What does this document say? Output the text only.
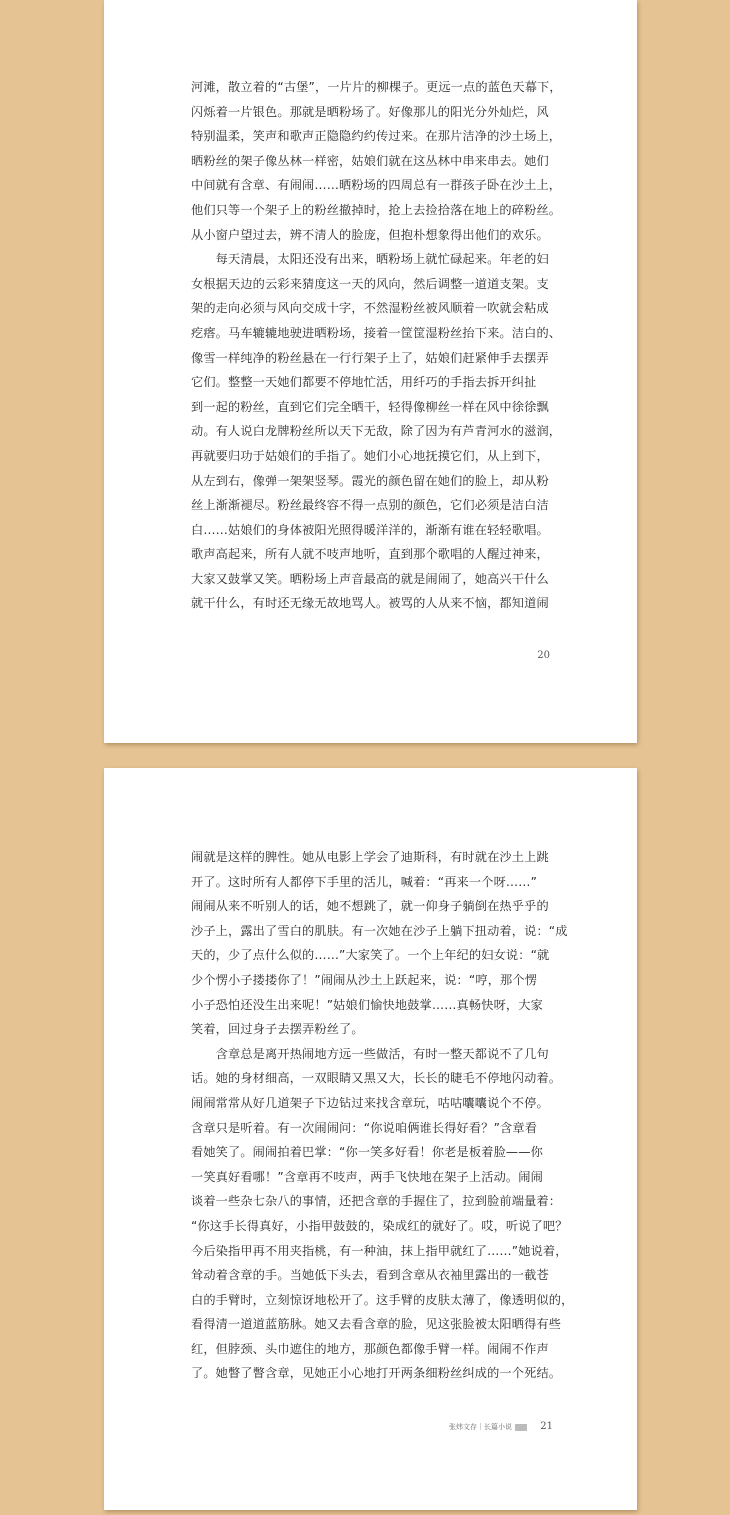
河滩，散立着的“古堡”，一片片的柳棵子。更远一点的蓝色天幕下，
闪烁着一片银色。那就是晒粉场了。好像那儿的阳光分外灿烂，风
特别温柔，笑声和歌声正隐隐约约传过来。在那片洁净的沙土场上，
晒粉丝的架子像丛林一样密，姑娘们就在这丛林中串来串去。她们
中间就有含章、有闹闹……晒粉场的四周总有一群孩子卧在沙土上，
他们只等一个架子上的粉丝撤掉时，抢上去捡拾落在地上的碎粉丝。
从小窗户望过去，辨不清人的脸庞，但抱朴想象得出他们的欢乐。
　　每天清晨，太阳还没有出来，晒粉场上就忙碌起来。年老的妇
女根据天边的云彩来猜度这一天的风向，然后调整一道道支架。支
架的走向必须与风向交成十字，不然湿粉丝被风顺着一吹就会粘成
疙瘩。马车辘辘地驶进晒粉场，接着一筐筐湿粉丝抬下来。洁白的、
像雪一样纯净的粉丝悬在一行行架子上了，姑娘们赶紧伸手去摆弄
它们。整整一天她们都要不停地忙活，用纤巧的手指去拆开纠扯
到一起的粉丝，直到它们完全晒干，轻得像柳丝一样在风中徐徐飘
动。有人说白龙牌粉丝所以天下无敌，除了因为有芦青河水的滋润，
再就要归功于姑娘们的手指了。她们小心地抚摸它们，从上到下，
从左到右，像弹一架架竖琴。霞光的颜色留在她们的脸上，却从粉
丝上渐渐褪尽。粉丝最终容不得一点别的颜色，它们必须是洁白洁
白……姑娘们的身体被阳光照得暖洋洋的，渐渐有谁在轻轻歌唱。
歌声高起来，所有人就不吱声地听，直到那个歌唱的人醒过神来，
大家又鼓掌又笑。晒粉场上声音最高的就是闹闹了，她高兴干什么
就干什么，有时还无缘无故地骂人。被骂的人从来不恼，都知道闹
20
闹就是这样的脾性。她从电影上学会了迪斯科，有时就在沙土上跳
开了。这时所有人都停下手里的活儿，喊着：“再来一个呀……”
闹闹从来不听别人的话，她不想跳了，就一仰身子躺倒在热乎乎的
沙子上，露出了雪白的肌肤。有一次她在沙子上躺下扭动着，说：“成
天的，少了点什么似的……”大家笑了。一个上年纪的妇女说：“就
少个愣小子搂搂你了！”闹闹从沙土上跃起来，说：“哼，那个愣
小子恐怕还没生出来呢！”姑娘们愉快地鼓掌……真畅快呀，大家
笑着，回过身子去摆弄粉丝了。
　　含章总是离开热闹地方远一些做活，有时一整天都说不了几句
话。她的身材细高，一双眼睛又黑又大，长长的睫毛不停地闪动着。
闹闹常常从好几道架子下边钻过来找含章玩，咕咕囔囔说个不停。
含章只是听着。有一次闹闹问：“你说咱俩谁长得好看？”含章看
看她笑了。闹闹拍着巴掌：“你一笑多好看！你老是板着脸——你
一笑真好看哪！”含章再不吱声，两手飞快地在架子上活动。闹闹
谈着一些杂七杂八的事情，还把含章的手握住了，拉到脸前端量着：
“你这手长得真好，小指甲鼓鼓的，染成红的就好了。哎，听说了吧？
今后染指甲再不用夹指桃，有一种油，抹上指甲就红了……”她说着，
耸动着含章的手。当她低下头去，看到含章从衣袖里露出的一截苍
白的手臂时，立刻惊讶地松开了。这手臂的皮肤太薄了，像透明似的，
看得清一道道蓝筋脉。她又去看含章的脸，见这张脸被太阳晒得有些
红，但脖颈、头巾遮住的地方，那颜色都像手臂一样。闹闹不作声
了。她瞥了瞥含章，见她正小心地打开两条细粉丝纠成的一个死结。
张炜文存｜长篇小说	21
